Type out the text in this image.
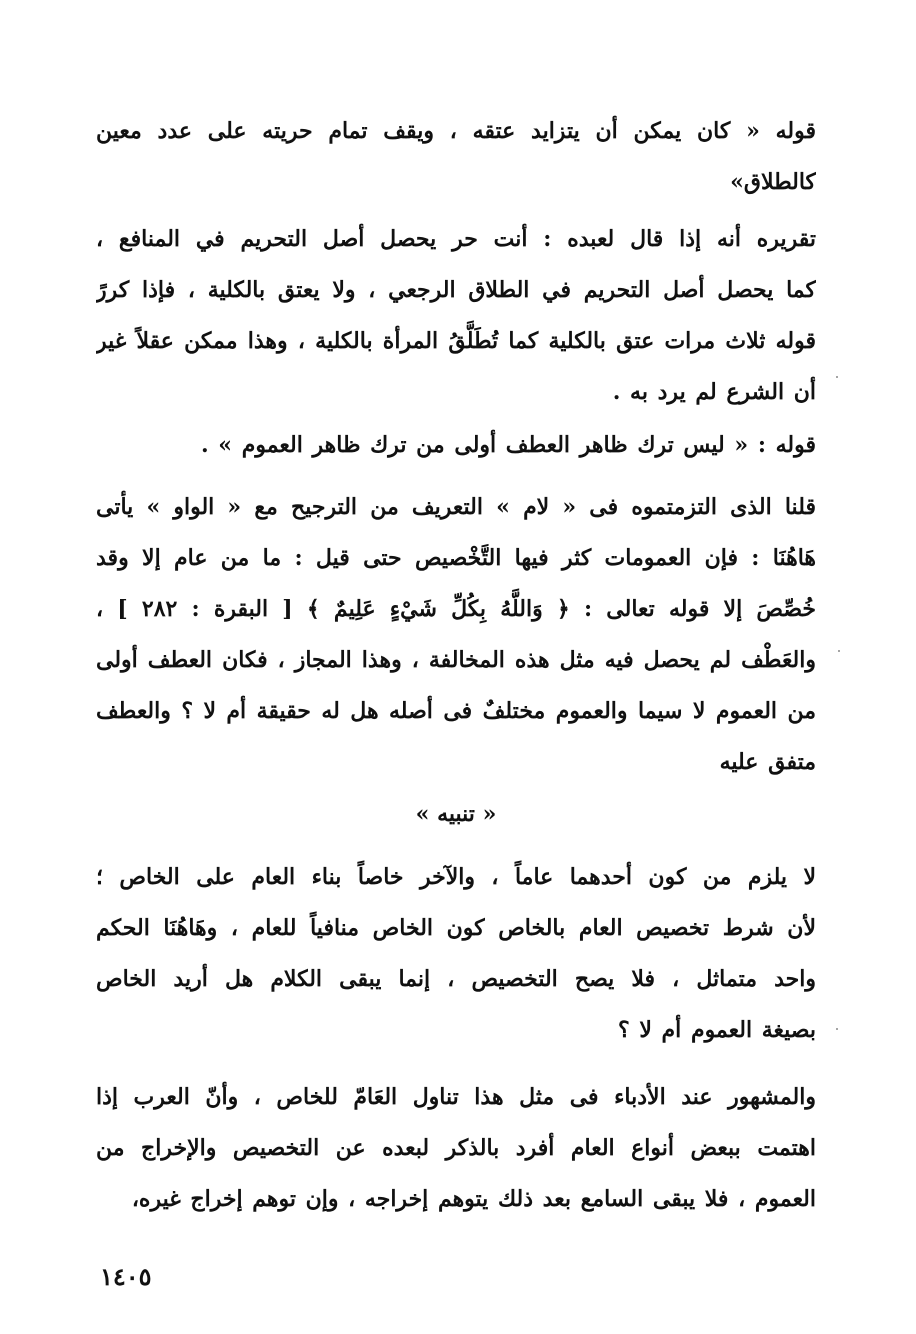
قوله « كان يمكن أن يتزايد عتقه ، ويقف تمام حريته على عدد معين
كالطلاق»
تقريره أنه إذا قال لعبده : أنت حر يحصل أصل التحريم في المنافع ،
كما يحصل أصل التحريم في الطلاق الرجعي ، ولا يعتق بالكلية ، فإذا كررً
قوله ثلاث مرات عتق بالكلية كما تُطَلَّقُ المرأة بالكلية ، وهذا ممكن عقلاً غير
أن الشرع لم يرد به .
قوله : « ليس ترك ظاهر العطف أولى من ترك ظاهر العموم » .
قلنا الذى التزمتموه فى « لام » التعريف من الترجيح مع « الواو » يأتى
هَاهُنَا : فإن العمومات كثر فيها التَّخْصيص حتى قيل : ما من عام إلا وقد
خُصِّصَ إلا قوله تعالى : ﴿ وَاللَّهُ بِكُلِّ شَيْءٍ عَلِيمٌ ﴾ [ البقرة : ٢٨٢ ] ،
والعَطْف لم يحصل فيه مثل هذه المخالفة ، وهذا المجاز ، فكان العطف أولى
من العموم لا سيما والعموم مختلفٌ فى أصله هل له حقيقة أم لا ؟ والعطف
متفق عليه
« تنبيه »
لا يلزم من كون أحدهما عاماً ، والآخر خاصاً بناء العام على الخاص ؛
لأن شرط تخصيص العام بالخاص كون الخاص منافياً للعام ، وهَاهُنَا الحكم
واحد متماثل ، فلا يصح التخصيص ، إنما يبقى الكلام هل أريد الخاص
بصيغة العموم أم لا ؟
والمشهور عند الأدباء فى مثل هذا تناول العَامّ للخاص ، وأنّ العرب إذا
اهتمت ببعض أنواع العام أفرد بالذكر لبعده عن التخصيص والإخراج من
العموم ، فلا يبقى السامع بعد ذلك يتوهم إخراجه ، وإن توهم إخراج غيره،
١٤٠٥
